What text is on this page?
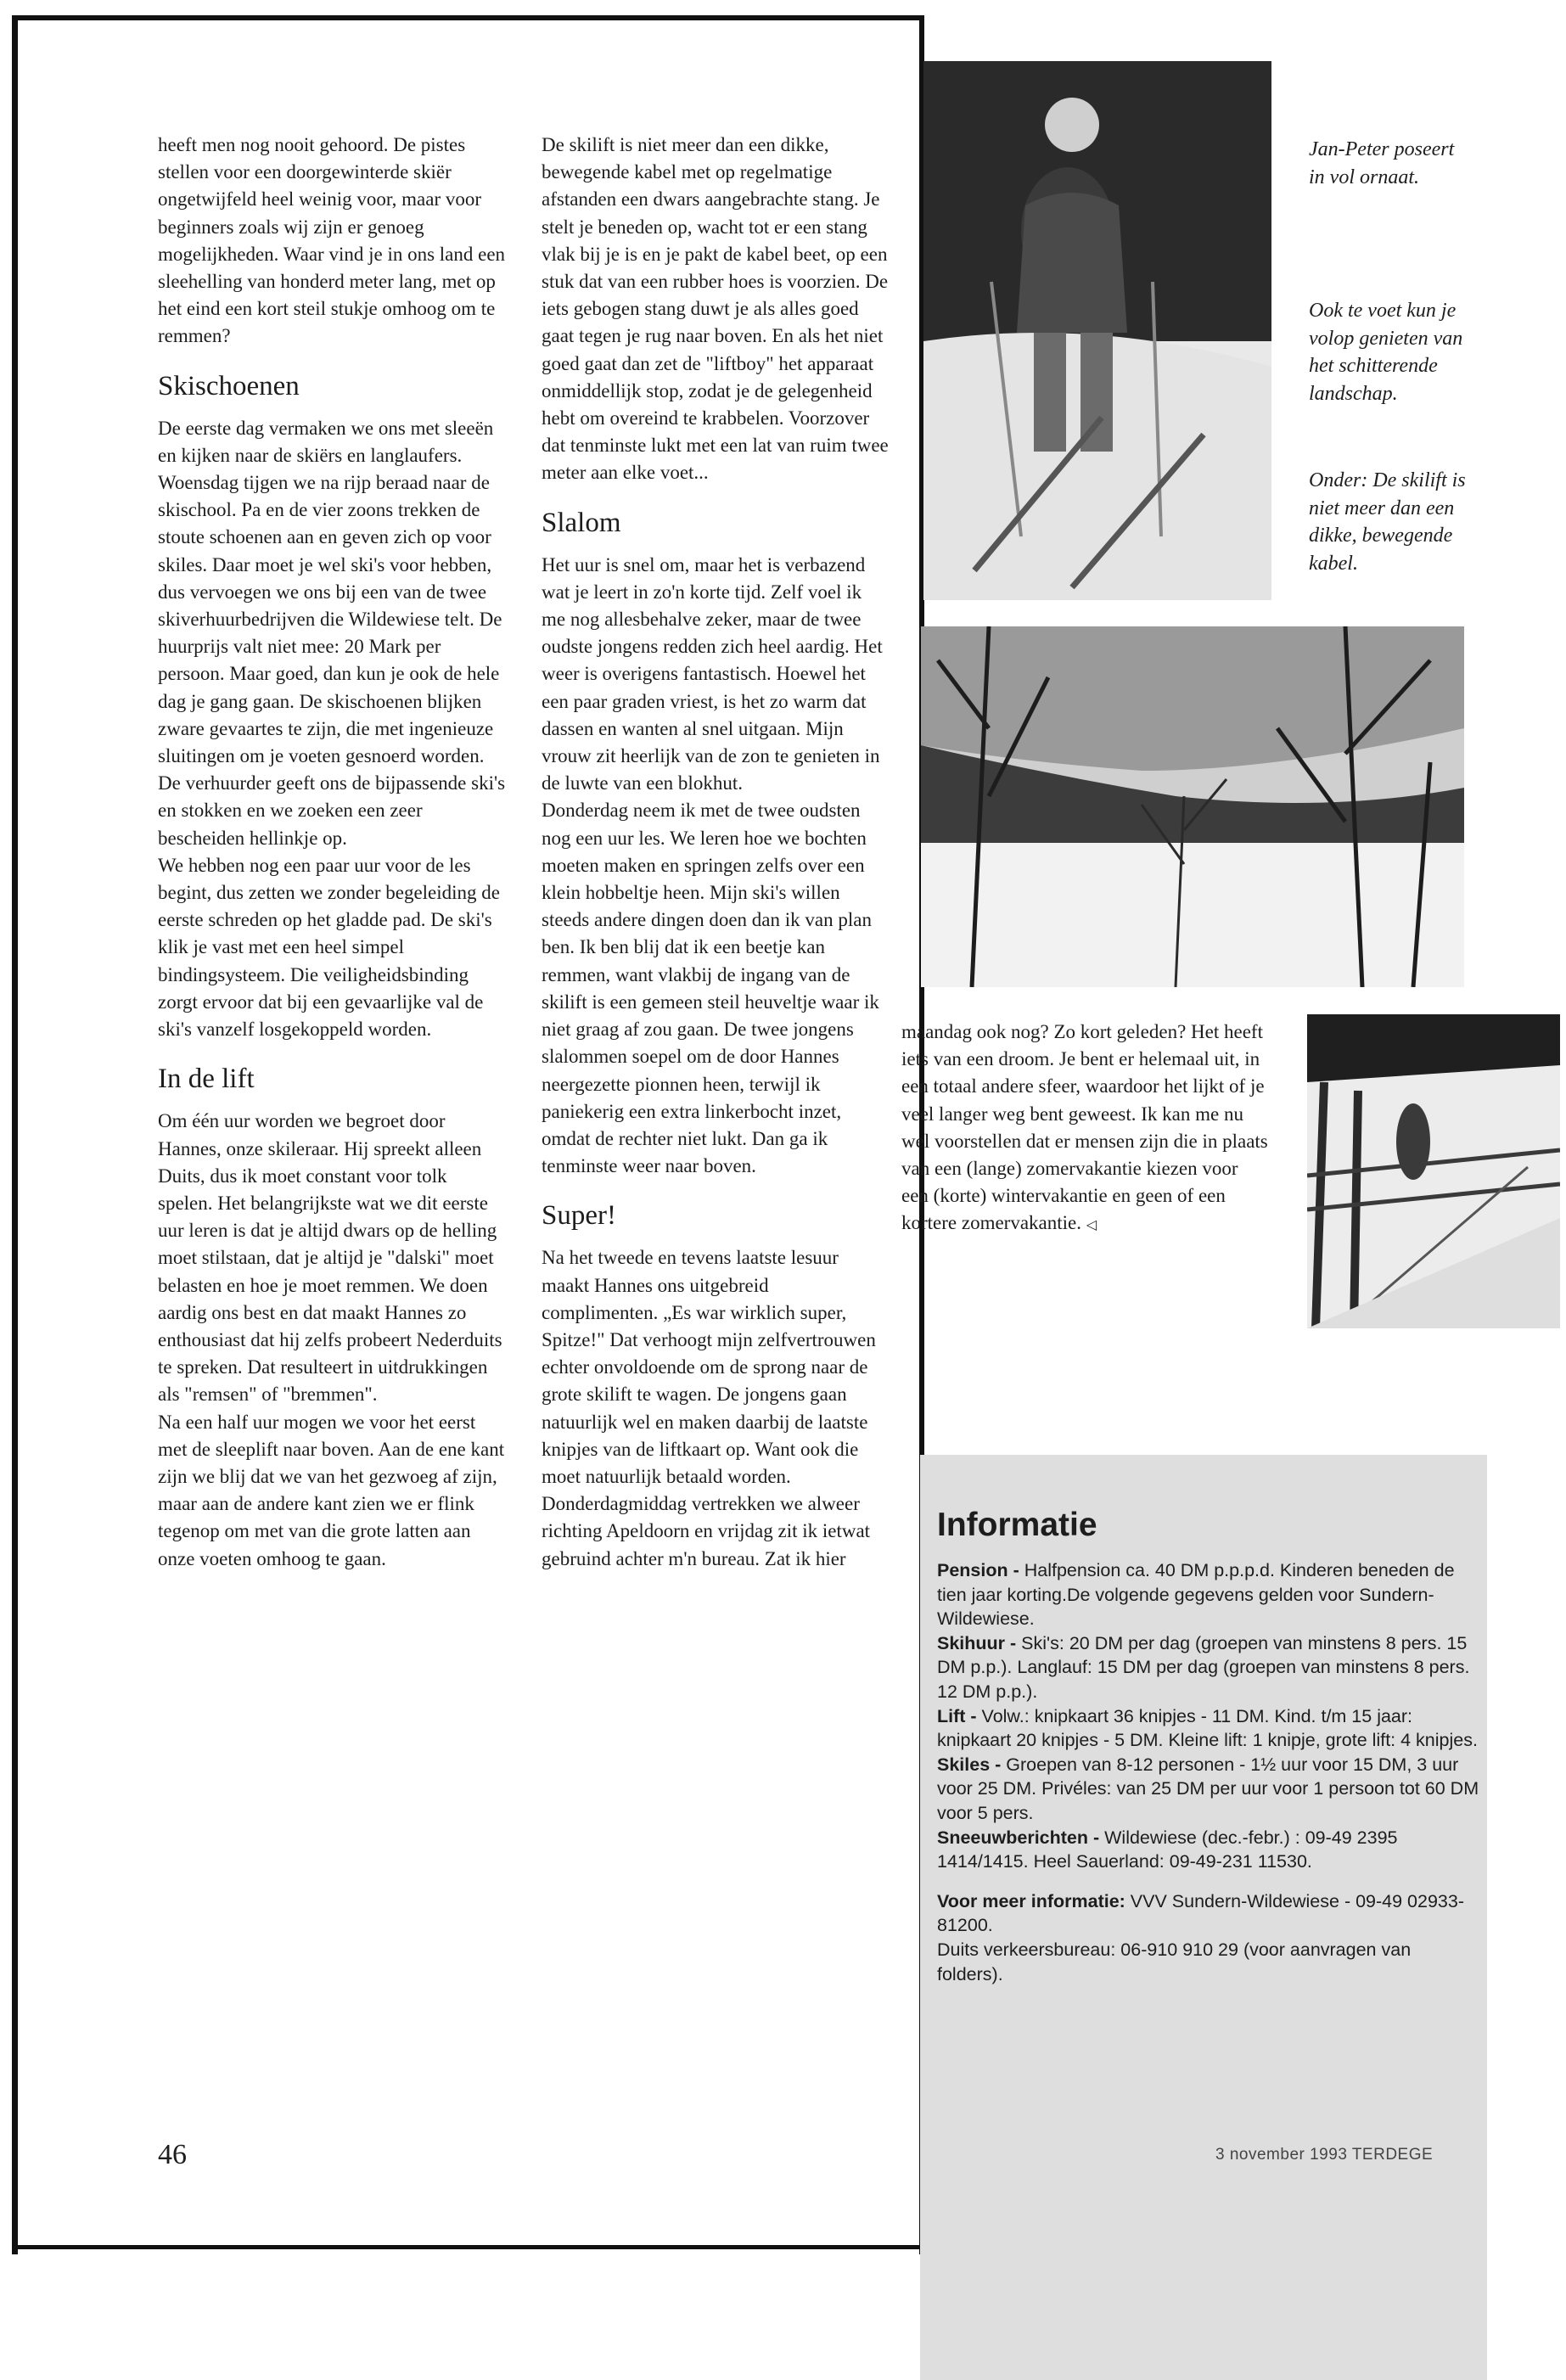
heeft men nog nooit gehoord. De pistes stellen voor een doorgewinterde skiër ongetwijfeld heel weinig voor, maar voor beginners zoals wij zijn er genoeg mogelijkheden. Waar vind je in ons land een sleehelling van honderd meter lang, met op het eind een kort steil stukje omhoog om te remmen?

Skischoenen

De eerste dag vermaken we ons met sleeën en kijken naar de skiërs en langlaufers. Woensdag tijgen we na rijp beraad naar de skischool. Pa en de vier zoons trekken de stoute schoenen aan en geven zich op voor skiles. Daar moet je wel ski's voor hebben, dus vervoegen we ons bij een van de twee skiverhuurbedrijven die Wildewiese telt. De huurprijs valt niet mee: 20 Mark per persoon. Maar goed, dan kun je ook de hele dag je gang gaan. De skischoenen blijken zware gevaartes te zijn, die met ingenieuze sluitingen om je voeten gesnoerd worden. De verhuurder geeft ons de bijpassende ski's en stokken en we zoeken een zeer bescheiden hellinkje op.

We hebben nog een paar uur voor de les begint, dus zetten we zonder begeleiding de eerste schreden op het gladde pad. De ski's klik je vast met een heel simpel bindingsysteem. Die veiligheidsbinding zorgt ervoor dat bij een gevaarlijke val de ski's vanzelf losgekoppeld worden.

In de lift

Om één uur worden we begroet door Hannes, onze skileraar. Hij spreekt alleen Duits, dus ik moet constant voor tolk spelen. Het belangrijkste wat we dit eerste uur leren is dat je altijd dwars op de helling moet stilstaan, dat je altijd je "dalski" moet belasten en hoe je moet remmen. We doen aardig ons best en dat maakt Hannes zo enthousiast dat hij zelfs probeert Nederduits te spreken. Dat resulteert in uitdrukkingen als "remsen" of "bremmen".

Na een half uur mogen we voor het eerst met de sleeplift naar boven. Aan de ene kant zijn we blij dat we van het gezwoeg af zijn, maar aan de andere kant zien we er flink tegenop om met van die grote latten aan onze voeten omhoog te gaan.

De skilift is niet meer dan een dikke, bewegende kabel met op regelmatige afstanden een dwars aangebrachte stang. Je stelt je beneden op, wacht tot er een stang vlak bij je is en je pakt de kabel beet, op een stuk dat van een rubber hoes is voorzien. De iets gebogen stang duwt je als alles goed gaat tegen je rug naar boven. En als het niet goed gaat dan zet de "liftboy" het apparaat onmiddellijk stop, zodat je de gelegenheid hebt om overeind te krabbelen. Voorzover dat tenminste lukt met een lat van ruim twee meter aan elke voet...

Slalom

Het uur is snel om, maar het is verbazend wat je leert in zo'n korte tijd. Zelf voel ik me nog allesbehalve zeker, maar de twee oudste jongens redden zich heel aardig. Het weer is overigens fantastisch. Hoewel het een paar graden vriest, is het zo warm dat dassen en wanten al snel uitgaan. Mijn vrouw zit heerlijk van de zon te genieten in de luwte van een blokhut.

Donderdag neem ik met de twee oudsten nog een uur les. We leren hoe we bochten moeten maken en springen zelfs over een klein hobbeltje heen. Mijn ski's willen steeds andere dingen doen dan ik van plan ben. Ik ben blij dat ik een beetje kan remmen, want vlakbij de ingang van de skilift is een gemeen steil heuveltje waar ik niet graag af zou gaan. De twee jongens slalommen soepel om de door Hannes neergezette pionnen heen, terwijl ik paniekerig een extra linkerbocht inzet, omdat de rechter niet lukt. Dan ga ik tenminste weer naar boven.

Super!

Na het tweede en tevens laatste lesuur maakt Hannes ons uitgebreid complimenten. „Es war wirklich super, Spitze!" Dat verhoogt mijn zelfvertrouwen echter onvoldoende om de sprong naar de grote skilift te wagen. De jongens gaan natuurlijk wel en maken daarbij de laatste knipjes van de liftkaart op. Want ook die moet natuurlijk betaald worden.

Donderdagmiddag vertrekken we alweer richting Apeldoorn en vrijdag zit ik ietwat gebruind achter m'n bureau. Zat ik hier

maandag ook nog? Zo kort geleden? Het heeft iets van een droom. Je bent er helemaal uit, in een totaal andere sfeer, waardoor het lijkt of je veel langer weg bent geweest. Ik kan me nu wel voorstellen dat er mensen zijn die in plaats van een (lange) zomervakantie kiezen voor een (korte) wintervakantie en geen of een kortere zomervakantie. ◁

Jan-Peter poseert in vol ornaat.
Ook te voet kun je volop genieten van het schitterende landschap.
Onder: De skilift is niet meer dan een dikke, bewegende kabel.
Informatie

Pension - Halfpension ca. 40 DM p.p.p.d. Kinderen beneden de tien jaar korting.De volgende gegevens gelden voor Sundern-Wildewiese.

Skihuur - Ski's: 20 DM per dag (groepen van minstens 8 pers. 15 DM p.p.). Langlauf: 15 DM per dag (groepen van minstens 8 pers. 12 DM p.p.).

Lift - Volw.: knipkaart 36 knipjes - 11 DM. Kind. t/m 15 jaar: knipkaart 20 knipjes - 5 DM. Kleine lift: 1 knipje, grote lift: 4 knipjes.

Skiles - Groepen van 8-12 personen - 1½ uur voor 15 DM, 3 uur voor 25 DM. Privéles: van 25 DM per uur voor 1 persoon tot 60 DM voor 5 pers.

Sneeuwberichten - Wildewiese (dec.-febr.) : 09-49 2395 1414/1415. Heel Sauerland: 09-49-231 11530.

Voor meer informatie: VVV Sundern-Wildewiese - 09-49 02933-81200.

Duits verkeersbureau: 06-910 910 29 (voor aanvragen van folders).

46	3 november 1993 TERDEGE
